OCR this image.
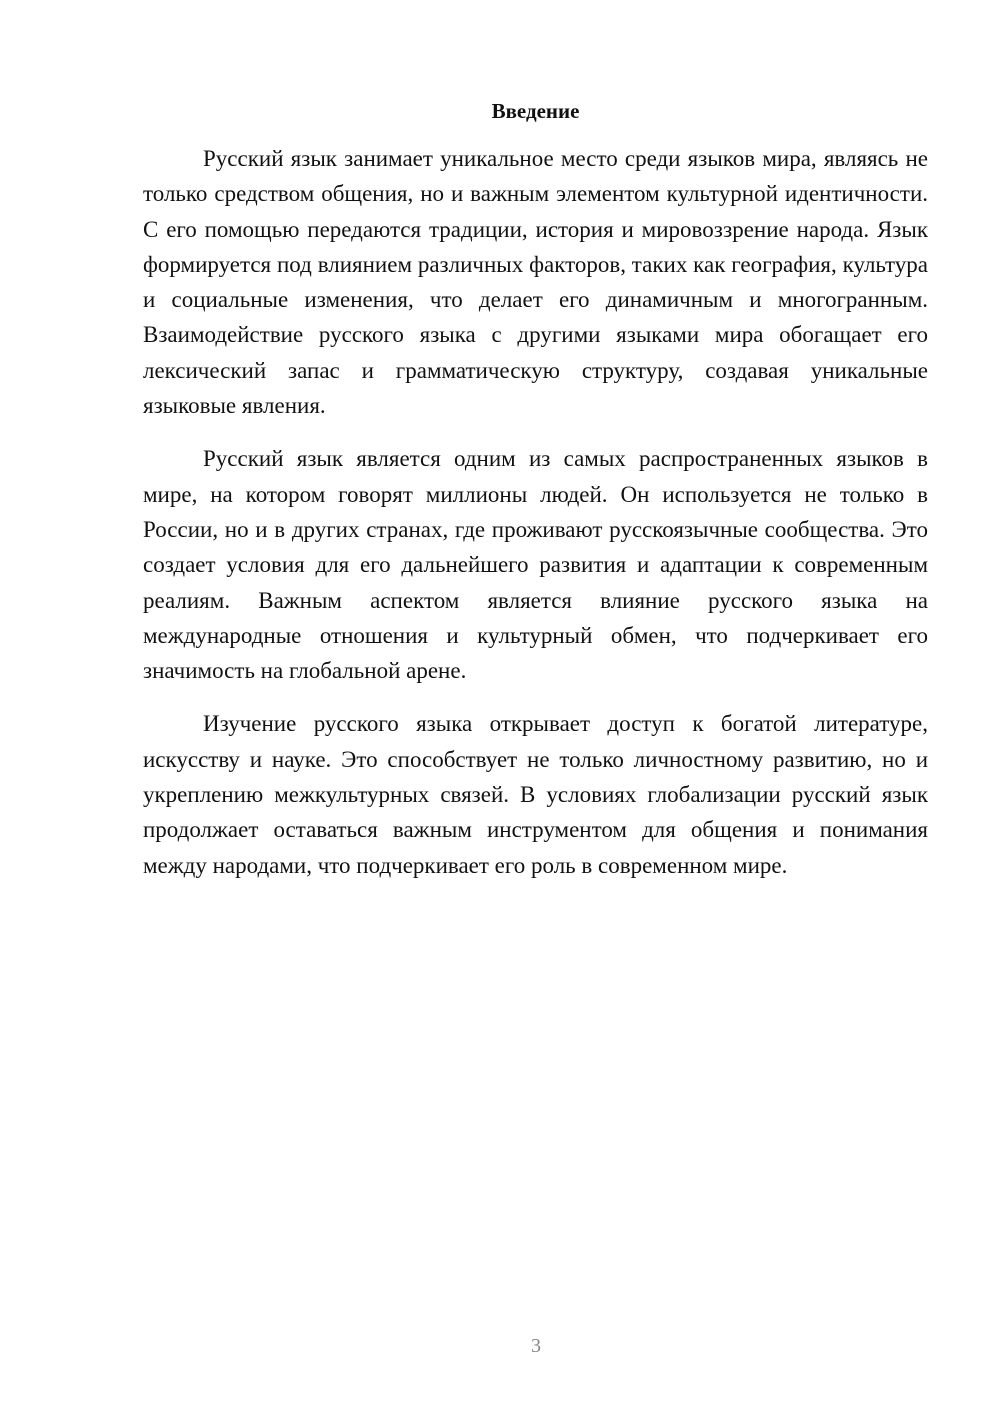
Введение

Русский язык занимает уникальное место среди языков мира, являясь не только средством общения, но и важным элементом культурной идентичности. С его помощью передаются традиции, история и мировоззрение народа. Язык формируется под влиянием различных факторов, таких как география, культура и социальные изменения, что делает его динамичным и многогранным. Взаимодействие русского языка с другими языками мира обогащает его лексический запас и грамматическую структуру, создавая уникальные языковые явления.

Русский язык является одним из самых распространенных языков в мире, на котором говорят миллионы людей. Он используется не только в России, но и в других странах, где проживают русскоязычные сообщества. Это создает условия для его дальнейшего развития и адаптации к современным реалиям. Важным аспектом является влияние русского языка на международные отношения и культурный обмен, что подчеркивает его значимость на глобальной арене.

Изучение русского языка открывает доступ к богатой литературе, искусству и науке. Это способствует не только личностному развитию, но и укреплению межкультурных связей. В условиях глобализации русский язык продолжает оставаться важным инструментом для общения и понимания между народами, что подчеркивает его роль в современном мире.

3
